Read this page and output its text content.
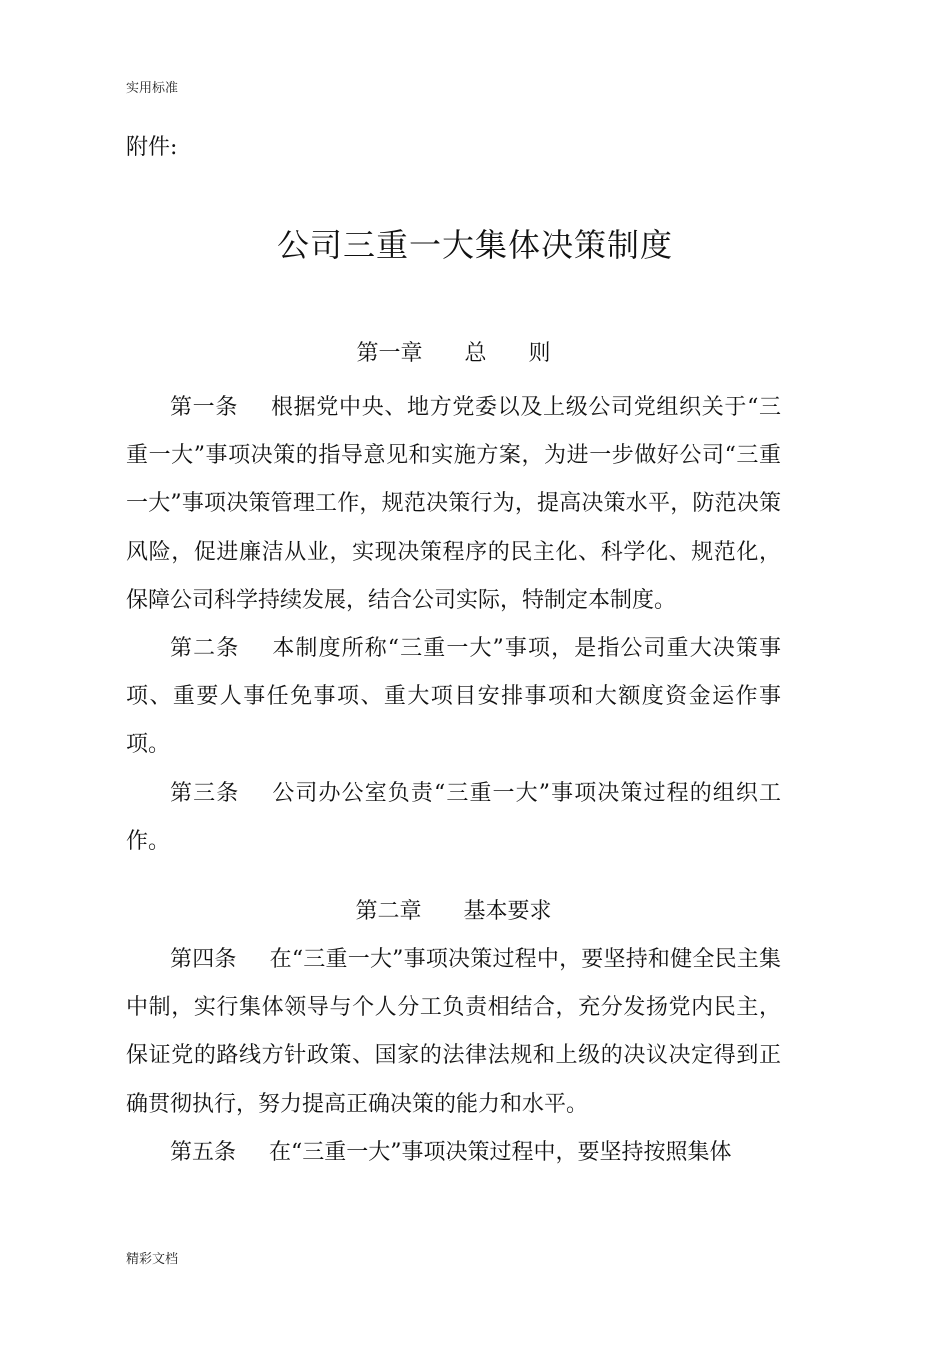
实用标准
附件:
公司三重一大集体决策制度

第一章      总      则

第一条 根据党中央、地方党委以及上级公司党组织关于“三重一大”事项决策的指导意见和实施方案，为进一步做好公司“三重一大”事项决策管理工作，规范决策行为，提高决策水平，防范决策风险，促进廉洁从业，实现决策程序的民主化、科学化、规范化，保障公司科学持续发展，结合公司实际，特制定本制度。

第二条 本制度所称“三重一大”事项，是指公司重大决策事项、重要人事任免事项、重大项目安排事项和大额度资金运作事项。

第三条 公司办公室负责“三重一大”事项决策过程的组织工作。

第二章      基本要求

第四条 在“三重一大”事项决策过程中，要坚持和健全民主集中制，实行集体领导与个人分工负责相结合，充分发扬党内民主，保证党的路线方针政策、国家的法律法规和上级的决议决定得到正确贯彻执行，努力提高正确决策的能力和水平。

第五条 在“三重一大”事项决策过程中，要坚持按照集体

精彩文档
